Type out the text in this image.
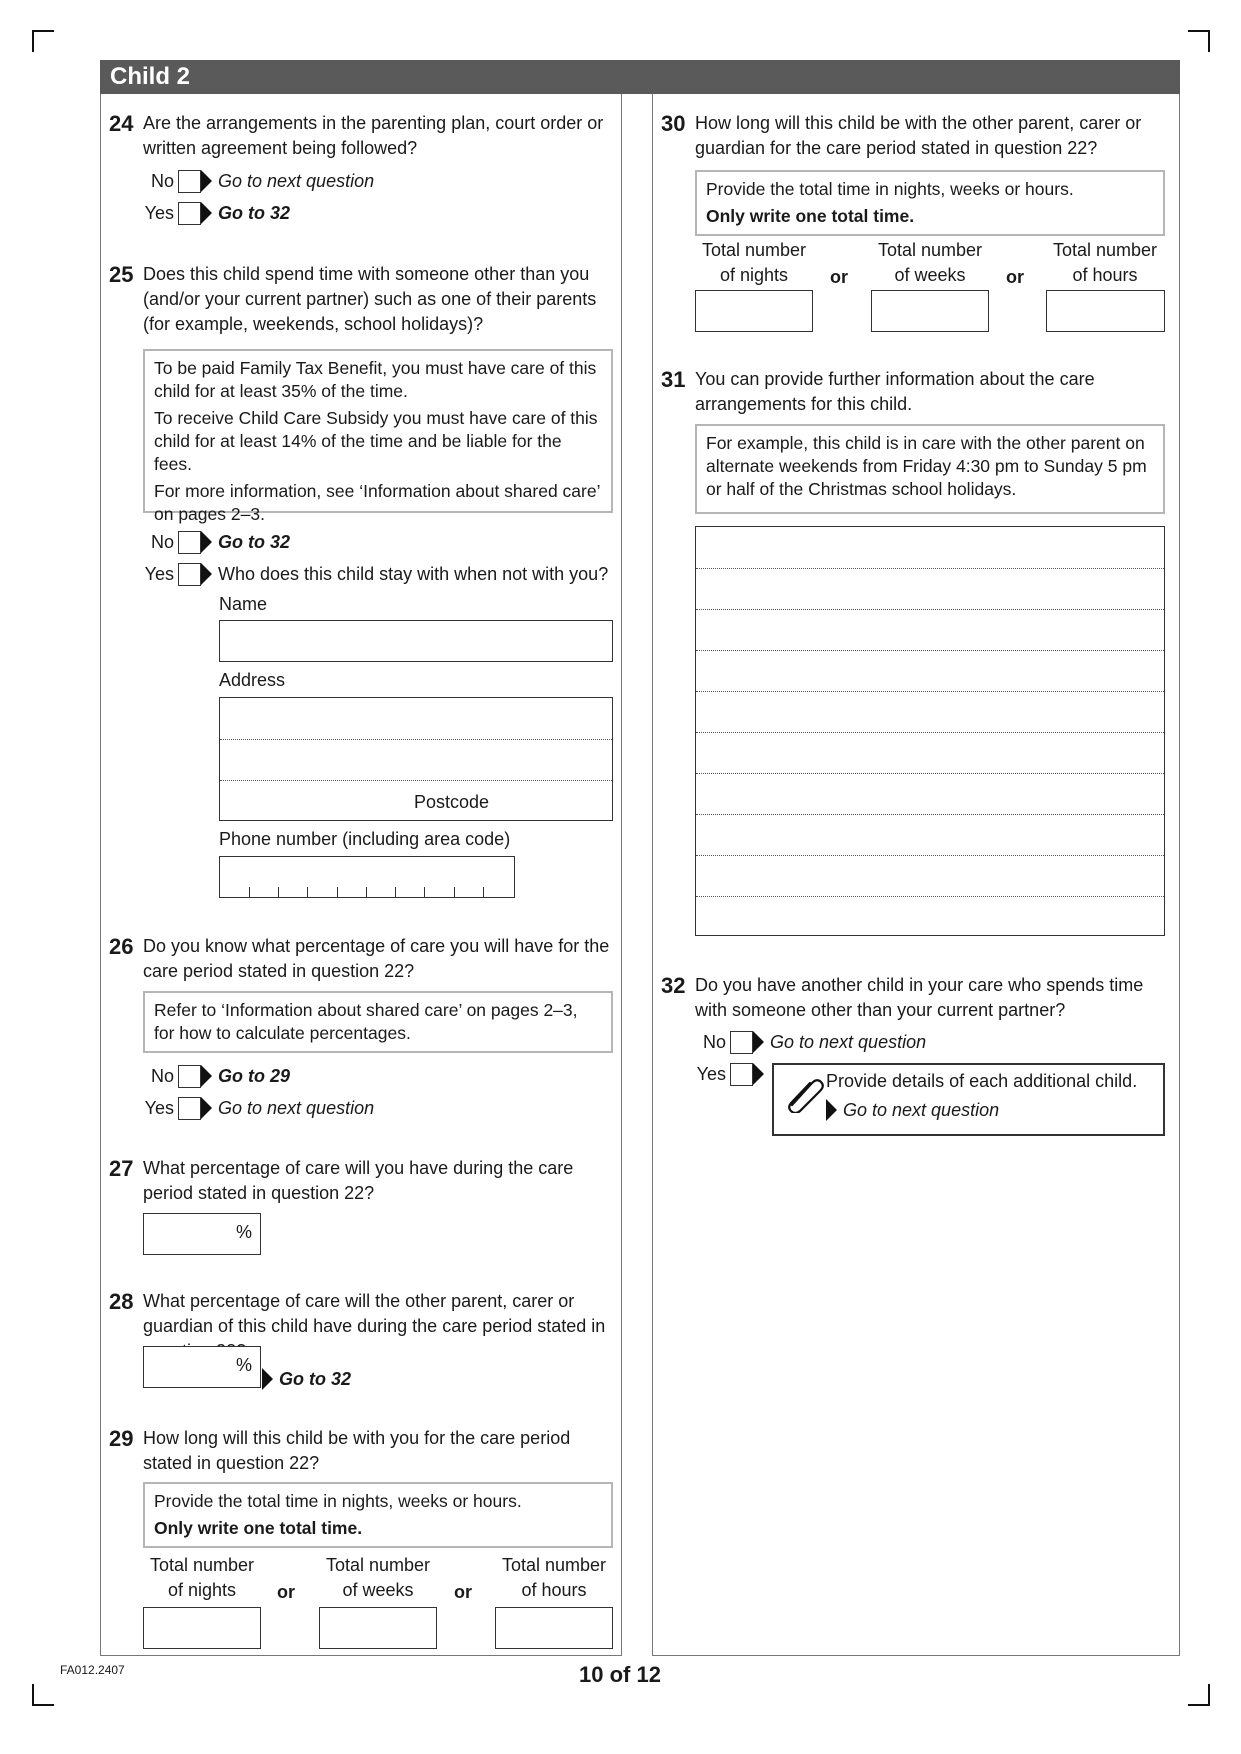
Child 2
24 Are the arrangements in the parenting plan, court order or written agreement being followed?
No Go to next question
Yes Go to 32
25 Does this child spend time with someone other than you (and/or your current partner) such as one of their parents (for example, weekends, school holidays)?

To be paid Family Tax Benefit, you must have care of this child for at least 35% of the time.

To receive Child Care Subsidy you must have care of this child for at least 14% of the time and be liable for the fees.

For more information, see ‘Information about shared care’ on pages 2–3.

No Go to 32
Yes Who does this child stay with when not with you?
Name
Address
Postcode
Phone number (including area code)
26 Do you know what percentage of care you will have for the care period stated in question 22?
Refer to ‘Information about shared care’ on pages 2–3, for how to calculate percentages.
No Go to 29
Yes Go to next question
27 What percentage of care will you have during the care period stated in question 22?
%
28 What percentage of care will the other parent, carer or guardian of this child have during the care period stated in
%
Go to 32
29 How long will this child be with you for the care period stated in question 22?
Provide the total time in nights, weeks or hours.
Only write one total time.
Total number of nights	or
Total number of weeks	or
Total number of hours
30 How long will this child be with the other parent, carer or guardian for the care period stated in question 22?
Provide the total time in nights, weeks or hours.
Only write one total time.
Total number of nights	or
Total number of weeks	or
Total number of hours
31 You can provide further information about the care arrangements for this child.
For example, this child is in care with the other parent on alternate weekends from Friday 4:30 pm to Sunday 5 pm or half of the Christmas school holidays.
32 Do you have another child in your care who spends time with someone other than your current partner?
No Go to next question
Yes	Provide details of each additional child.
Go to next question
FA012.2407	10 of 12
